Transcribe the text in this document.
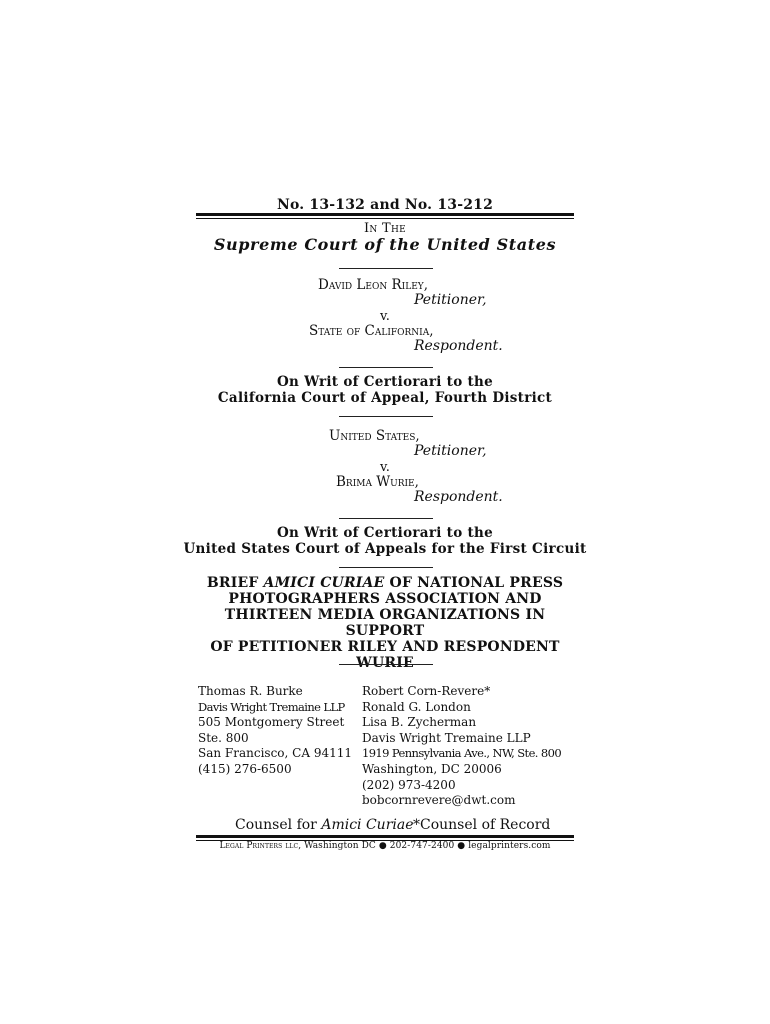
No. 13-132 and No. 13-212
In The
Supreme Court of the United States
David Leon Riley,
Petitioner,
v.
State of California,
Respondent.
On Writ of Certiorari to the
California Court of Appeal, Fourth District
United States,
Petitioner,
v.
Brima Wurie,
Respondent.
On Writ of Certiorari to the
United States Court of Appeals for the First Circuit
BRIEF AMICI CURIAE OF NATIONAL PRESS
PHOTOGRAPHERS ASSOCIATION AND
THIRTEEN MEDIA ORGANIZATIONS IN SUPPORT
OF PETITIONER RILEY AND RESPONDENT
WURIE
Thomas R. Burke
Davis Wright Tremaine LLP
505 Montgomery Street
Ste. 800
San Francisco, CA 94111
(415) 276-6500
Robert Corn-Revere*
Ronald G. London
Lisa B. Zycherman
Davis Wright Tremaine LLP
1919 Pennsylvania Ave., NW, Ste. 800
Washington, DC 20006
(202) 973-4200
bobcornrevere@dwt.com
Counsel for Amici Curiae *Counsel of Record
Legal Printers llc, Washington DC ● 202-747-2400 ● legalprinters.com
